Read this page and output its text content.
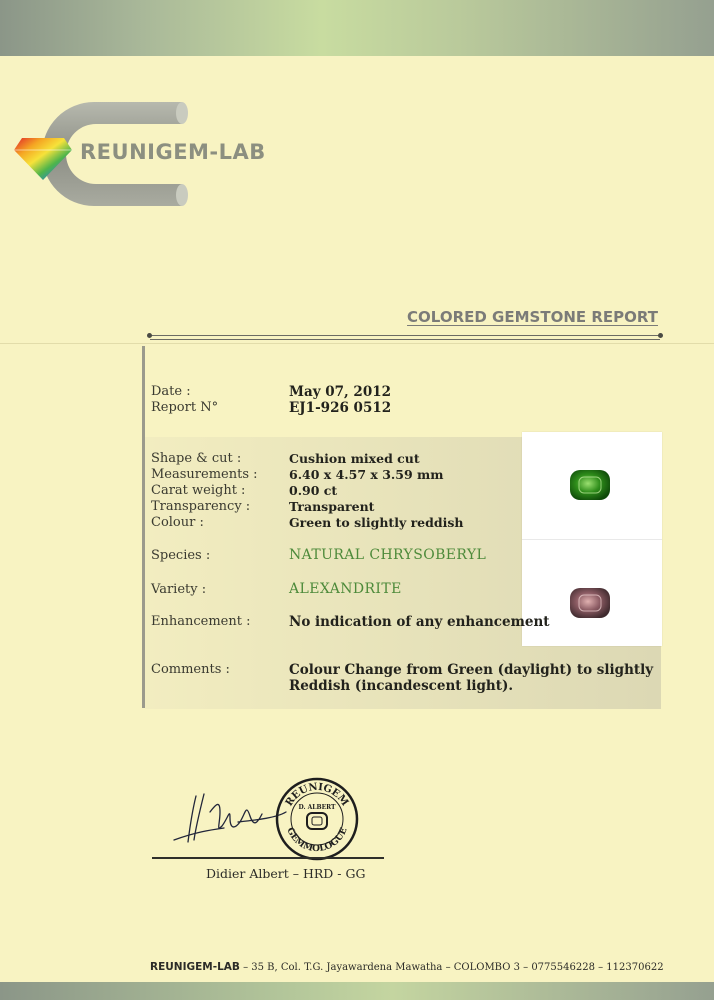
REUNIGEM-LAB
COLORED GEMSTONE REPORT
Date :	May 07, 2012
Report N°	EJ1-926 0512
Shape & cut :	Cushion mixed cut
Measurements :	6.40 x 4.57 x 3.59 mm
Carat weight :	0.90 ct
Transparency :	Transparent
Colour :	Green to slightly reddish
Species :	NATURAL CHRYSOBERYL
Variety :	ALEXANDRITE
Enhancement :	No indication of any enhancement
Comments :	Colour Change from Green (daylight) to slightly
Reddish (incandescent light).
REUNIGEM
GEMMOLOGUE
D. ALBERT
Didier Albert – HRD - GG
REUNIGEM-LAB – 35 B, Col. T.G. Jayawardena Mawatha – COLOMBO 3 – 0775546228 – 112370622
